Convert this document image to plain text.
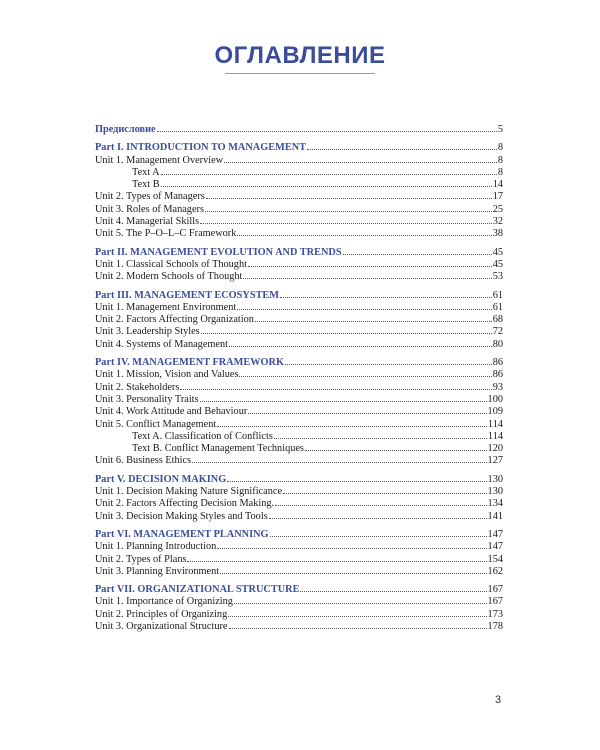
ОГЛАВЛЕНИЕ
Предисловие	5
Part I. INTRODUCTION TO MANAGEMENT	8
Unit 1. Management Overview	8
Text A	8
Text B	14
Unit 2. Types of Managers	17
Unit 3. Roles of Managers	25
Unit 4. Managerial Skills	32
Unit 5. The P–O–L–C Framework	38
Part II. MANAGEMENT EVOLUTION AND TRENDS	45
Unit 1. Classical Schools of Thought	45
Unit 2. Modern Schools of Thought	53
Part III. MANAGEMENT ECOSYSTEM	61
Unit 1. Management Environment	61
Unit 2. Factors Affecting Organization	68
Unit 3. Leadership Styles	72
Unit 4. Systems of Management	80
Part IV. MANAGEMENT FRAMEWORK	86
Unit 1. Mission, Vision and Values	86
Unit 2. Stakeholders	93
Unit 3. Personality Traits	100
Unit 4. Work Attitude and Behaviour	109
Unit 5. Conflict Management	114
Text A. Classification of Conflicts	114
Text B. Conflict Management Techniques	120
Unit 6. Business Ethics	127
Part V. DECISION MAKING	130
Unit 1. Decision Making Nature Significance	130
Unit 2. Factors Affecting Decision Making.	134
Unit 3. Decision Making Styles and Tools	141
Part VI. MANAGEMENT PLANNING	147
Unit 1. Planning Introduction	147
Unit 2. Types of Plans	154
Unit 3. Planning Environment	162
Part VII. ORGANIZATIONAL STRUCTURE	167
Unit 1. Importance of Organizing	167
Unit 2. Principles of Organizing	173
Unit 3. Organizational Structure	178
3
